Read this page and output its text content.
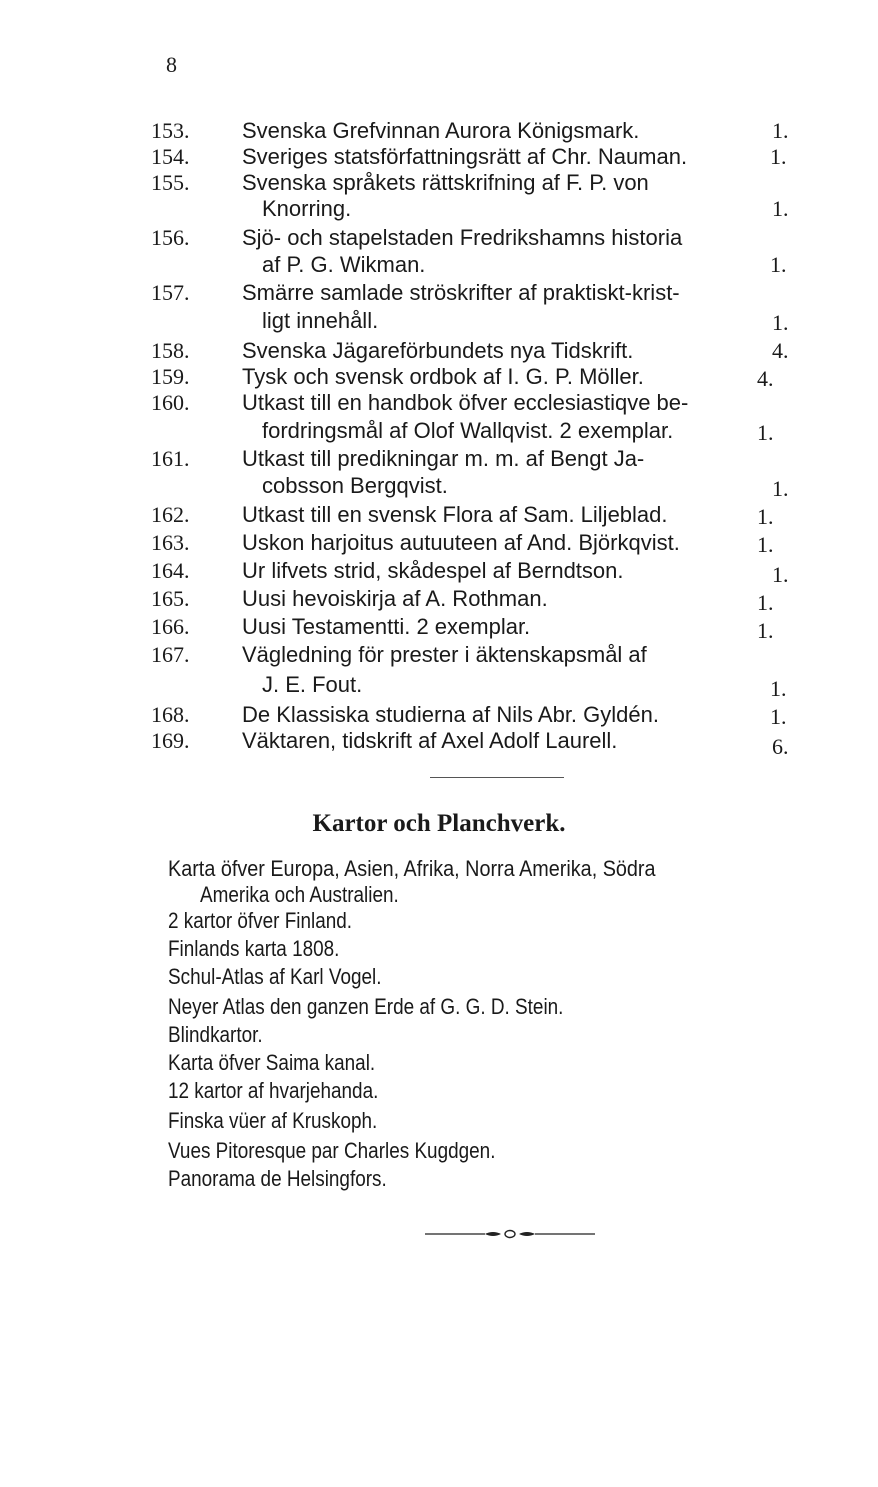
8
153. Svenska Grefvinnan Aurora Königsmark.	1.
154. Sveriges statsförfattningsrätt af Chr. Nauman.	1.
155. Svenska språkets rättskrifning af F. P. von
Knorring.	1.
156. Sjö- och stapelstaden Fredrikshamns historia
af P. G. Wikman.	1.
157. Smärre samlade ströskrifter af praktiskt-krist-
ligt innehåll.	1.
158. Svenska Jägareförbundets nya Tidskrift.	4.
159. Tysk och svensk ordbok af I. G. P. Möller.	4.
160. Utkast till en handbok öfver ecclesiastiqve be-
fordringsmål af Olof Wallqvist. 2 exemplar.	1.
161. Utkast till predikningar m. m. af Bengt Ja-
cobsson Bergqvist.	1.
162. Utkast till en svensk Flora af Sam. Liljeblad.	1.
163. Uskon harjoitus autuuteen af And. Björkqvist.	1.
164. Ur lifvets strid, skådespel af Berndtson.	1.
165. Uusi hevoiskirja af A. Rothman.	1.
166. Uusi Testamentti. 2 exemplar.	1.
167. Vägledning för prester i äktenskapsmål af
J. E. Fout.	1.
168. De Klassiska studierna af Nils Abr. Gyldén.	1.
169. Väktaren, tidskrift af Axel Adolf Laurell.	6.
Kartor och Planchverk.
Karta öfver Europa, Asien, Afrika, Norra Amerika, Södra
Amerika och Australien.
2 kartor öfver Finland.
Finlands karta 1808.
Schul-Atlas af Karl Vogel.
Neyer Atlas den ganzen Erde af G. G. D. Stein.
Blindkartor.
Karta öfver Saima kanal.
12 kartor af hvarjehanda.
Finska vüer af Kruskoph.
Vues Pitoresque par Charles Kugdgen.
Panorama de Helsingfors.
